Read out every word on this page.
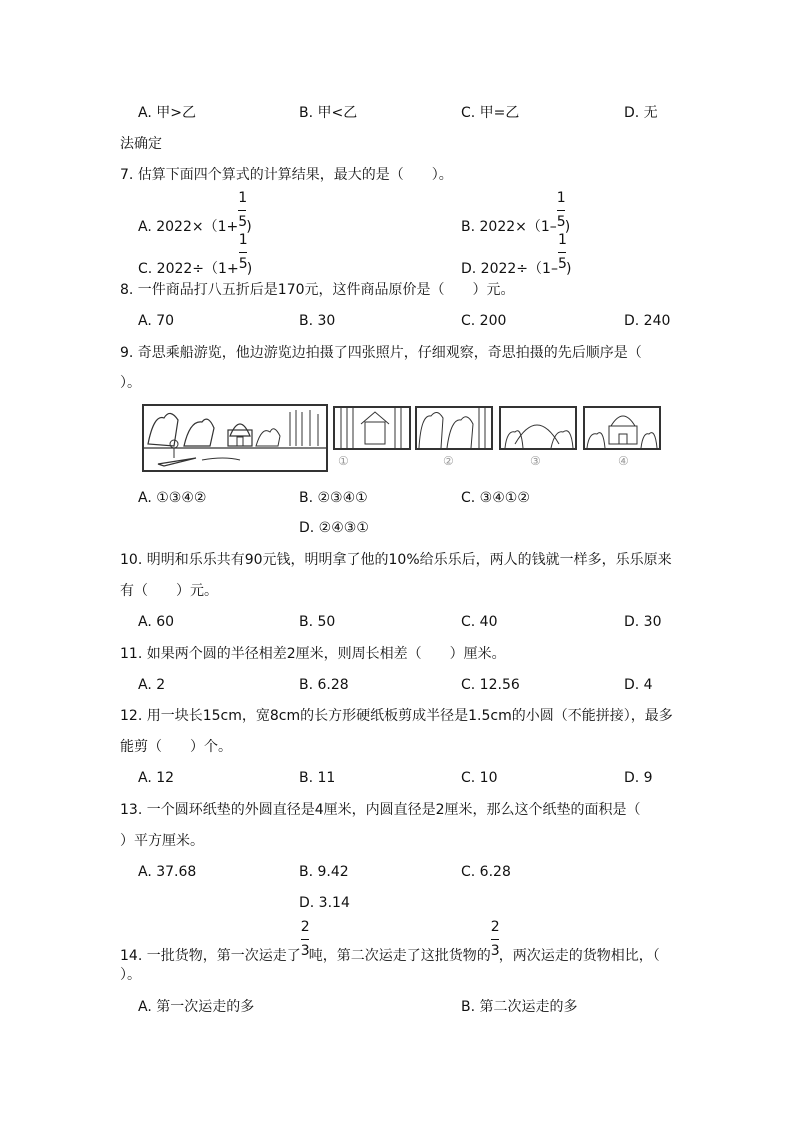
A. 甲>乙	B. 甲<乙	C. 甲=乙	D. 无
法确定
7. 估算下面四个算式的计算结果，最大的是（　　）。
A. $2022\times(1+ \frac{1}{5}$ )	B. $2022\times(1- \frac{1}{5}$ )
C. $2022\div(1+ \frac{1}{5}$ )	D. $2022\div(1- \frac{1}{5}$ )
8. 一件商品打八五折后是170元，这件商品原价是（　　）元。
A. 70	B. 30	C. 200	D. 240
9. 奇思乘船游览，他边游览边拍摄了四张照片，仔细观察，奇思拍摄的先后顺序是（
）。
①	②	③	④
A. ①③④②	B. ②③④①	C. ③④①②
D. ②④③①
10. 明明和乐乐共有90元钱，明明拿了他的10%给乐乐后，两人的钱就一样多，乐乐原来
有（　　）元。
A. 60	B. 50	C. 40	D. 30
11. 如果两个圆的半径相差2厘米，则周长相差（　　）厘米。
A. 2	B. 6.28	C. 12.56	D. 4
12. 用一块长15cm，宽8cm的长方形硬纸板剪成半径是1.5cm的小圆（不能拼接），最多
能剪（　　）个。
A. 12	B. 11	C. 10	D. 9
13. 一个圆环纸垫的外圆直径是4厘米，内圆直径是2厘米，那么这个纸垫的面积是（
）平方厘米。
A. 37.68	B. 9.42	C. 6.28
D. 3.14
14. 一批货物，第一次运走了 $\frac{2}{3}$ 吨，第二次运走了这批货物的 $\frac{2}{3}$ ，两次运走的货物相比，（
）。
A. 第一次运走的多	B. 第二次运走的多
